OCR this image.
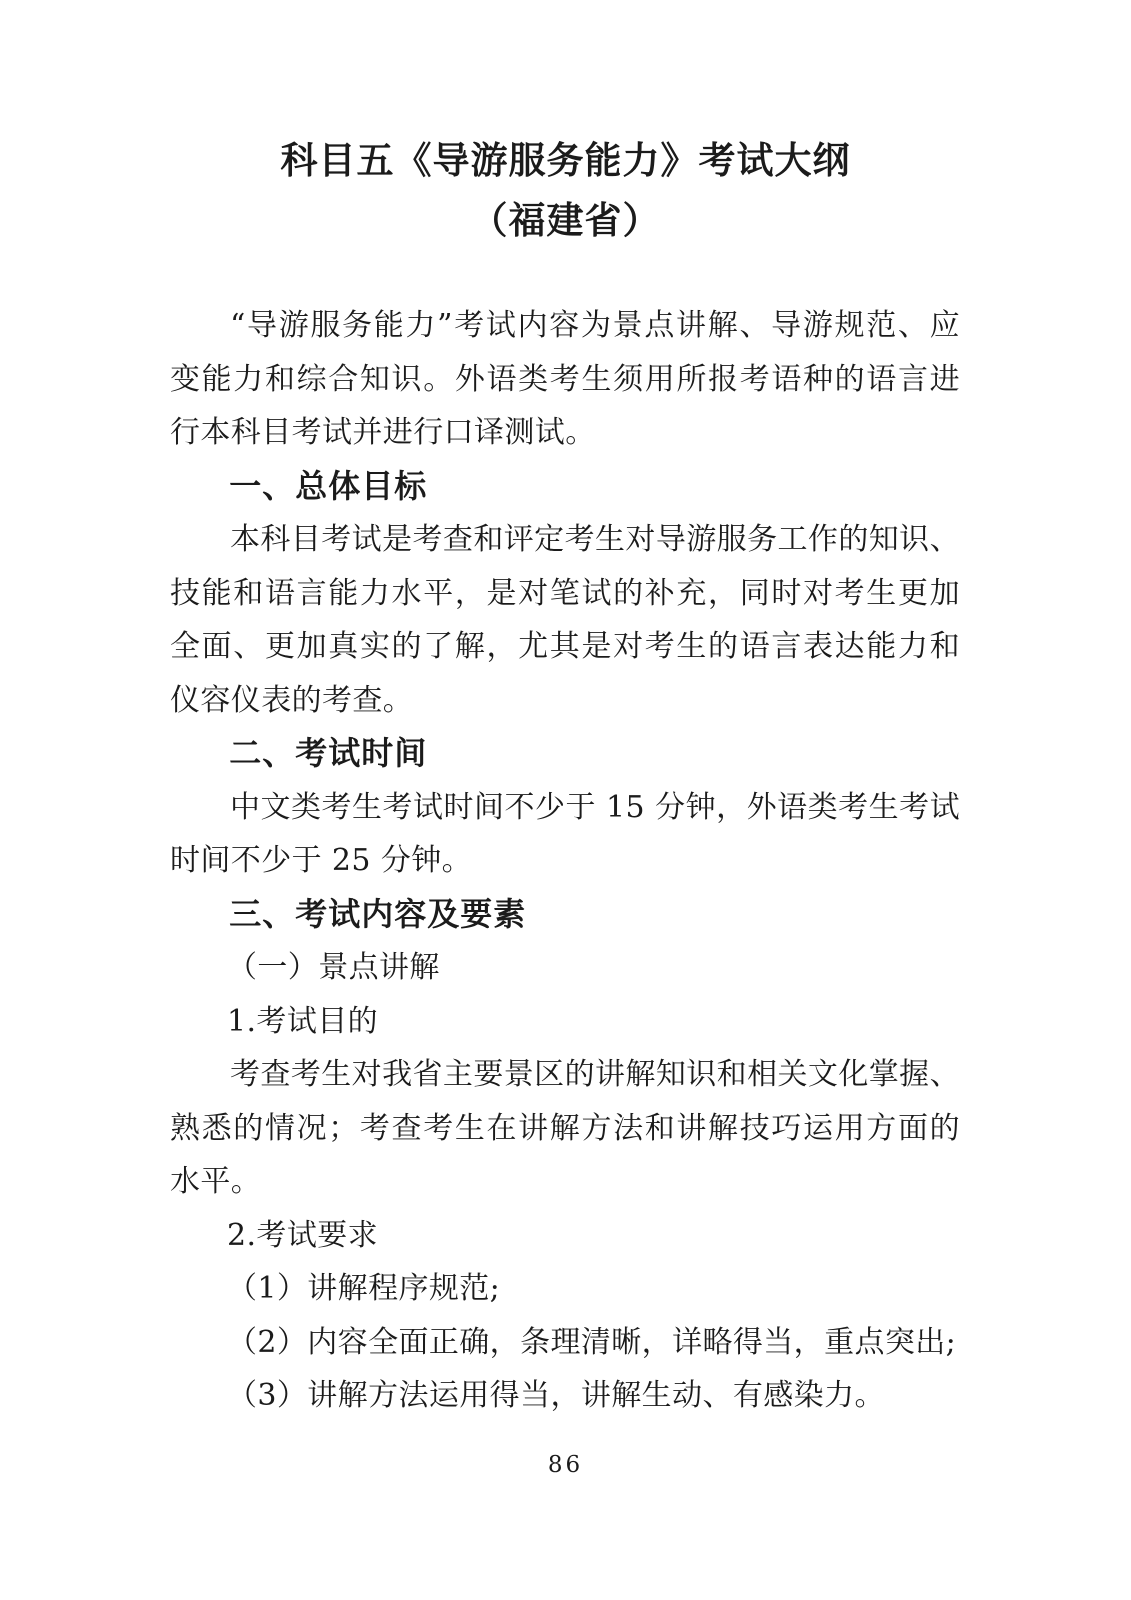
科目五《导游服务能力》考试大纲
（福建省）

“导游服务能力”考试内容为景点讲解、导游规范、应变能力和综合知识。外语类考生须用所报考语种的语言进行本科目考试并进行口译测试。

一、总体目标

本科目考试是考查和评定考生对导游服务工作的知识、技能和语言能力水平，是对笔试的补充，同时对考生更加全面、更加真实的了解，尤其是对考生的语言表达能力和仪容仪表的考查。

二、考试时间

中文类考生考试时间不少于 15 分钟，外语类考生考试时间不少于 25 分钟。

三、考试内容及要素

（一）景点讲解

1.考试目的

考查考生对我省主要景区的讲解知识和相关文化掌握、熟悉的情况；考查考生在讲解方法和讲解技巧运用方面的水平。

2.考试要求

（1）讲解程序规范;

（2）内容全面正确，条理清晰，详略得当，重点突出;

（3）讲解方法运用得当，讲解生动、有感染力。

86
